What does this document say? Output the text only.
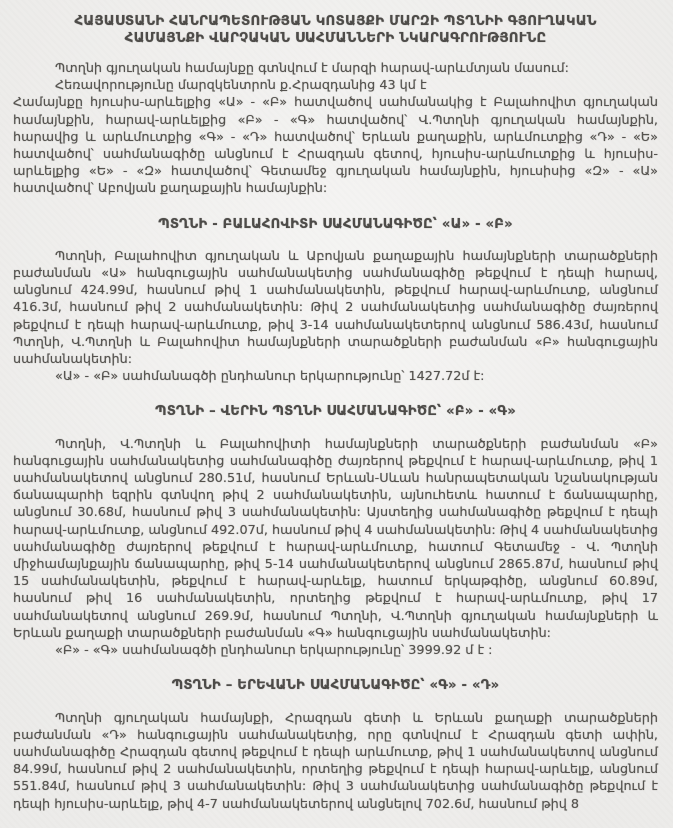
ՀԱՅԱՍՏԱՆԻ ՀԱՆՐԱՊԵՏՈՒԹՅԱՆ ԿՈՏԱՅՔԻ ՄԱՐԶԻ ՊՏՂՆԻԻ ԳՅՈՒՂԱԿԱՆ
ՀԱՄԱՅՆՔԻ ՎԱՐՉԱԿԱՆ ՍԱՀՄԱՆՆԵՐԻ ՆԿԱՐԱԳՐՈՒԹՅՈՒՆԸ

Պտղնի գյուղական համայնքը գտնվում է մարզի հարավ-արևմտյան մասում:

Հեռավորությունը մարզկենտրոն ք.Հրազդանից 43 կմ է

Համայնքը հյուսիս-արևելքից «Ա» - «Բ» հատվածով սահմանակից է Բալահովիտ գյուղական համայնքին, հարավ-արևելքից «Բ» - «Գ» հատվածով՝ Վ.Պտղնի գյուղական համայնքին, հարավից և արևմուտքից «Գ» - «Դ» հատվածով՝ Երևան քաղաքին, արևմուտքից «Դ» - «Ե» հատվածով՝ սահմանագիծը անցնում է Հրազդան գետով, հյուսիս-արևմուտքից և հյուսիս-արևելքից «Ե» - «Զ» հատվածով՝ Գետամեջ գյուղական համայնքին, հյուսիսից «Զ» - «Ա» հատվածով՝ Աբովյան քաղաքային համայնքին:

ՊՏՂՆԻ - ԲԱԼԱՀՈՎԻՏԻ ՍԱՀՄԱՆԱԳԻԾԸ՝ «Ա» - «Բ»

Պտղնի, Բալահովիտ գյուղական և Աբովյան քաղաքային համայնքների տարածքների բաժանման «Ա» հանգուցային սահմանակետից սահմանագիծը թեքվում է դեպի հարավ, անցնում 424.99մ, հասնում թիվ 1 սահմանակետին, թեքվում հարավ-արևմուտք, անցնում 416.3մ, հասնում թիվ 2 սահմանակետին: Թիվ 2 սահմանակետից սահմանագիծը ժայռերով թեքվում է դեպի հարավ-արևմուտք, թիվ 3-14 սահմանակետերով անցնում 586.43մ, հասնում Պտղնի, Վ.Պտղնի և Բալահովիտ համայնքների տարածքների բաժանման «Բ» հանգուցային սահմանակետին:

«Ա» - «Բ» սահմանագծի ընդհանուր երկարությունը՝ 1427.72մ է:

ՊՏՂՆԻ – ՎԵՐԻՆ ՊՏՂՆԻ ՍԱՀՄԱՆԱԳԻԾԸ՝ «Բ» - «Գ»

Պտղնի, Վ.Պտղնի և Բալահովիտի համայնքների տարածքների բաժանման «Բ» հանգուցային սահմանակետից սահմանագիծը ժայռերով թեքվում է հարավ-արևմուտք, թիվ 1 սահմանակետով անցնում 280.51մ, հասնում Երևան-Սևան հանրապետական նշանակության ճանապարհի եզրին գտնվող թիվ 2 սահմանակետին, այնուհետև հատում է ճանապարհը, անցնում 30.68մ, հասնում թիվ 3 սահմանակետին: Այստեղից սահմանագիծը թեքվում է դեպի հարավ-արևմուտք, անցնում 492.07մ, հասնում թիվ 4 սահմանակետին: Թիվ 4 սահմանակետից սահմանագիծը ժայռերով թեքվում է հարավ-արևմուտք, հատում Գետամեջ - Վ. Պտղնի միջհամայնքային ճանապարհը, թիվ 5-14 սահմանակետերով անցնում 2865.87մ, հասնում թիվ 15 սահմանակետին, թեքվում է հարավ-արևելք, հատում երկաթգիծը, անցնում 60.89մ, հասնում թիվ 16 սահմանակետին, որտեղից թեքվում է հարավ-արևմուտք, թիվ 17 սահմանակետով անցնում 269.9մ, հասնում Պտղնի, Վ.Պտղնի գյուղական համայնքների և Երևան քաղաքի տարածքների բաժանման «Գ» հանգուցային սահմանակետին:

«Բ» - «Գ» սահմանագծի ընդհանուր երկարությունը՝ 3999.92 մ է :

ՊՏՂՆԻ – ԵՐԵՎԱՆԻ ՍԱՀՄԱՆԱԳԻԾԸ՝ «Գ» - «Դ»

Պտղնի գյուղական համայնքի, Հրազդան գետի և Երևան քաղաքի տարածքների բաժանման «Դ» հանգուցային սահմանակետից, որը գտնվում է Հրազդան գետի ափին, սահմանագիծը Հրազդան գետով թեքվում է դեպի արևմուտք, թիվ 1 սահմանակետով անցնում 84.99մ, հասնում թիվ 2 սահմանակետին, որտեղից թեքվում է դեպի հարավ-արևելք, անցնում 551.84մ, հասնում թիվ 3 սահմանակետին: Թիվ 3 սահմանակետից սահմանագիծը թեքվում է դեպի հյուսիս-արևելք, թիվ 4-7 սահմանակետերով անցնելով 702.6մ, հասնում թիվ 8
